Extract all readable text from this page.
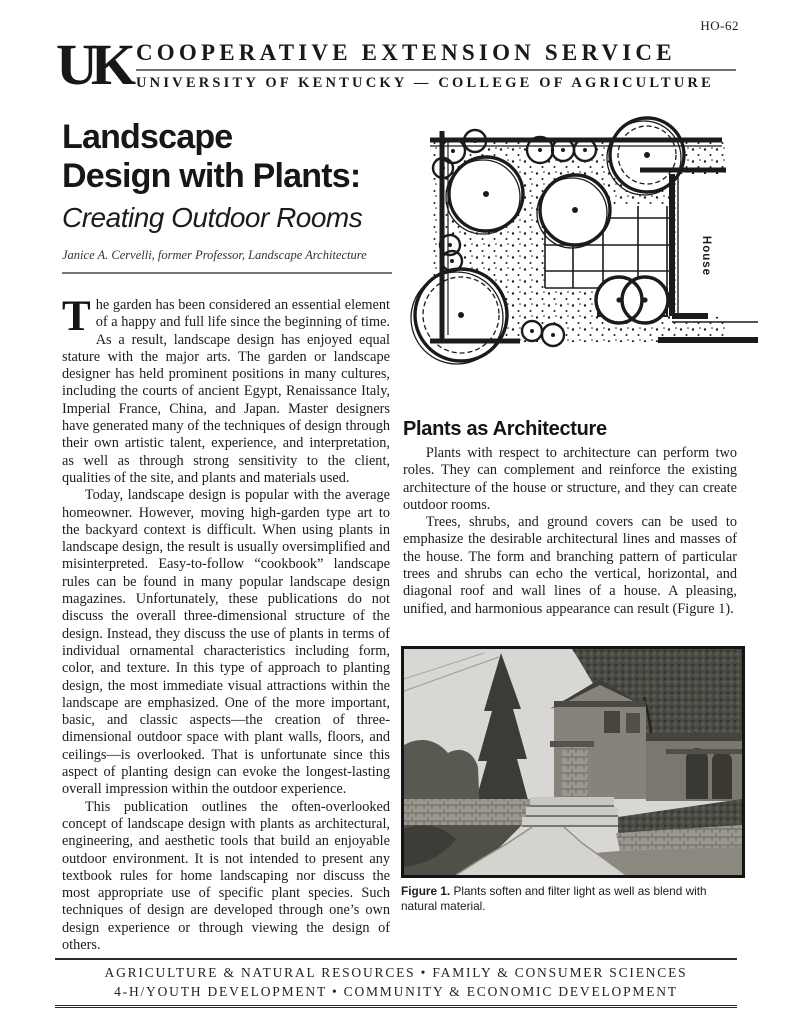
HO-62
UK COOPERATIVE EXTENSION SERVICE
UNIVERSITY OF KENTUCKY — COLLEGE OF AGRICULTURE
Landscape
Design with Plants:
Creating Outdoor Rooms
Janice A. Cervelli, former Professor, Landscape Architecture

The garden has been considered an essential element of a happy and full life since the beginning of time. As a result, landscape design has enjoyed equal stature with the major arts. The garden or landscape designer has held prominent positions in many cultures, including the courts of ancient Egypt, Renaissance Italy, Imperial France, China, and Japan. Master designers have generated many of the techniques of design through their own artistic talent, experience, and interpretation, as well as through strong sensitivity to the client, qualities of the site, and plants and materials used.

Today, landscape design is popular with the average homeowner. However, moving high-garden type art to the backyard context is difficult. When using plants in landscape design, the result is usually oversimplified and misinterpreted. Easy-to-follow “cookbook” landscape rules can be found in many popular landscape design magazines. Unfortunately, these publications do not discuss the overall three-dimensional structure of the design. Instead, they discuss the use of plants in terms of individual ornamental characteristics including form, color, and texture. In this type of approach to planting design, the most immediate visual attractions within the landscape are emphasized. One of the more important, basic, and classic aspects—the creation of three-dimensional outdoor space with plant walls, floors, and ceilings—is overlooked. That is unfortunate since this aspect of planting design can evoke the longest-lasting overall impression within the outdoor experience.

This publication outlines the often-overlooked concept of landscape design with plants as architectural, engineering, and aesthetic tools that build an enjoyable outdoor environment. It is not intended to present any textbook rules for home landscaping nor discuss the most appropriate use of specific plant species. Such techniques of design are developed through one’s own design experience or through viewing the design of others.

House
Plants as Architecture

Plants with respect to architecture can perform two roles. They can complement and reinforce the existing architecture of the house or structure, and they can create outdoor rooms.

Trees, shrubs, and ground covers can be used to emphasize the desirable architectural lines and masses of the house. The form and branching pattern of particular trees and shrubs can echo the vertical, horizontal, and diagonal roof and wall lines of a house. A pleasing, unified, and harmonious appearance can result (Figure 1).

Figure 1. Plants soften and filter light as well as blend with natural material.
AGRICULTURE & NATURAL RESOURCES • FAMILY & CONSUMER SCIENCES
4-H/YOUTH DEVELOPMENT • COMMUNITY & ECONOMIC DEVELOPMENT
